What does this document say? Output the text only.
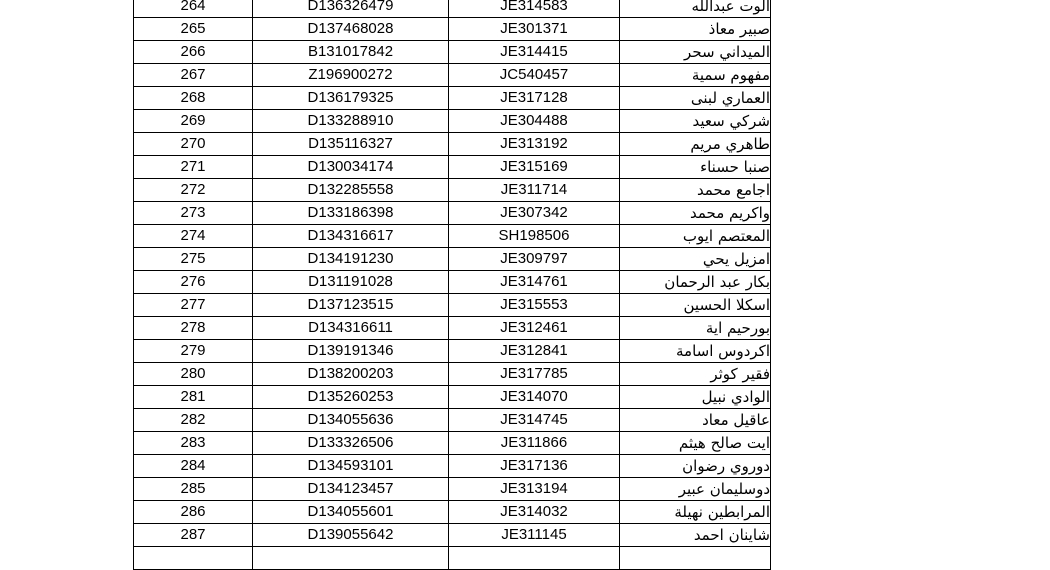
264	D136326479	JE314583	الوت عبدالله
265	D137468028	JE301371	صبير معاذ
266	B131017842	JE314415	الميداني سحر
267	Z196900272	JC540457	مفهوم سمية
268	D136179325	JE317128	العماري لبنى
269	D133288910	JE304488	شركي سعيد
270	D135116327	JE313192	طاهري مريم
271	D130034174	JE315169	صنبا حسناء
272	D132285558	JE311714	اجامع محمد
273	D133186398	JE307342	واكريم محمد
274	D134316617	SH198506	المعتصم ايوب
275	D134191230	JE309797	امزيل يحي
276	D131191028	JE314761	بكار عبد الرحمان
277	D137123515	JE315553	اسكلا الحسين
278	D134316611	JE312461	بورحيم اية
279	D139191346	JE312841	اكردوس اسامة
280	D138200203	JE317785	فقير كوثر
281	D135260253	JE314070	الوادي نبيل
282	D134055636	JE314745	عاقيل معاد
283	D133326506	JE311866	ايت صالح هيثم
284	D134593101	JE317136	دوروي رضوان
285	D134123457	JE313194	دوسليمان عبير
286	D134055601	JE314032	المرابطين نهيلة
287	D139055642	JE311145	شاينان احمد
